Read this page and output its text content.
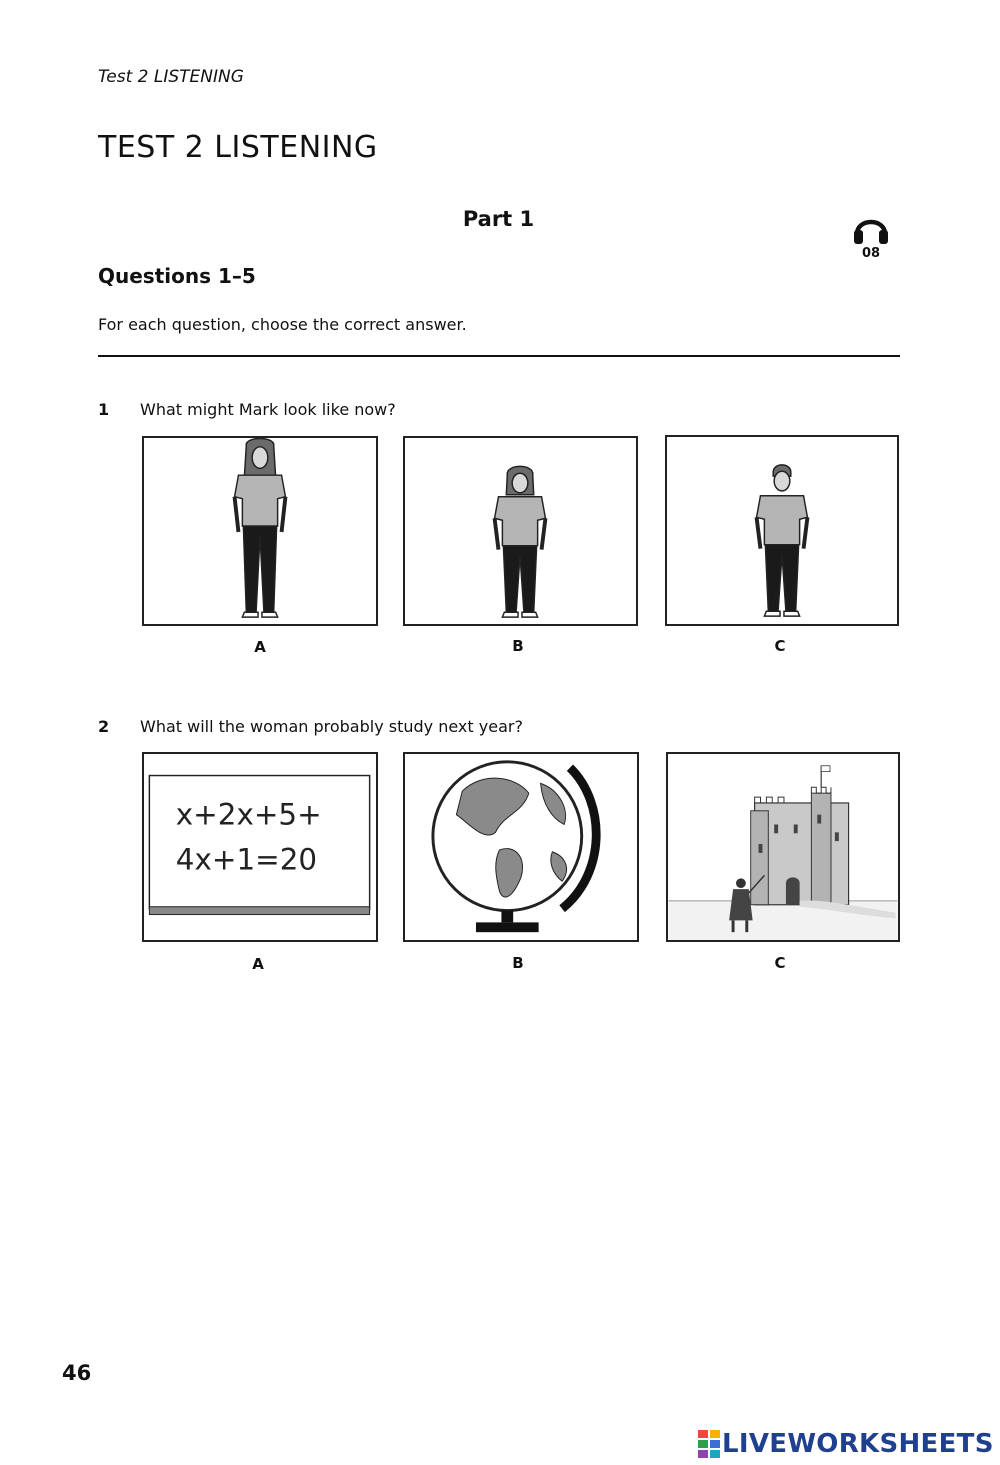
Test 2 LISTENING
TEST 2 LISTENING
Part 1
08
Questions 1–5
For each question, choose the correct answer.
1 What might Mark look like now?
A	B	C
2 What will the woman probably study next year?
x+2x+5+
4x+1=20
A	B	C
46
LIVEWORKSHEETS
